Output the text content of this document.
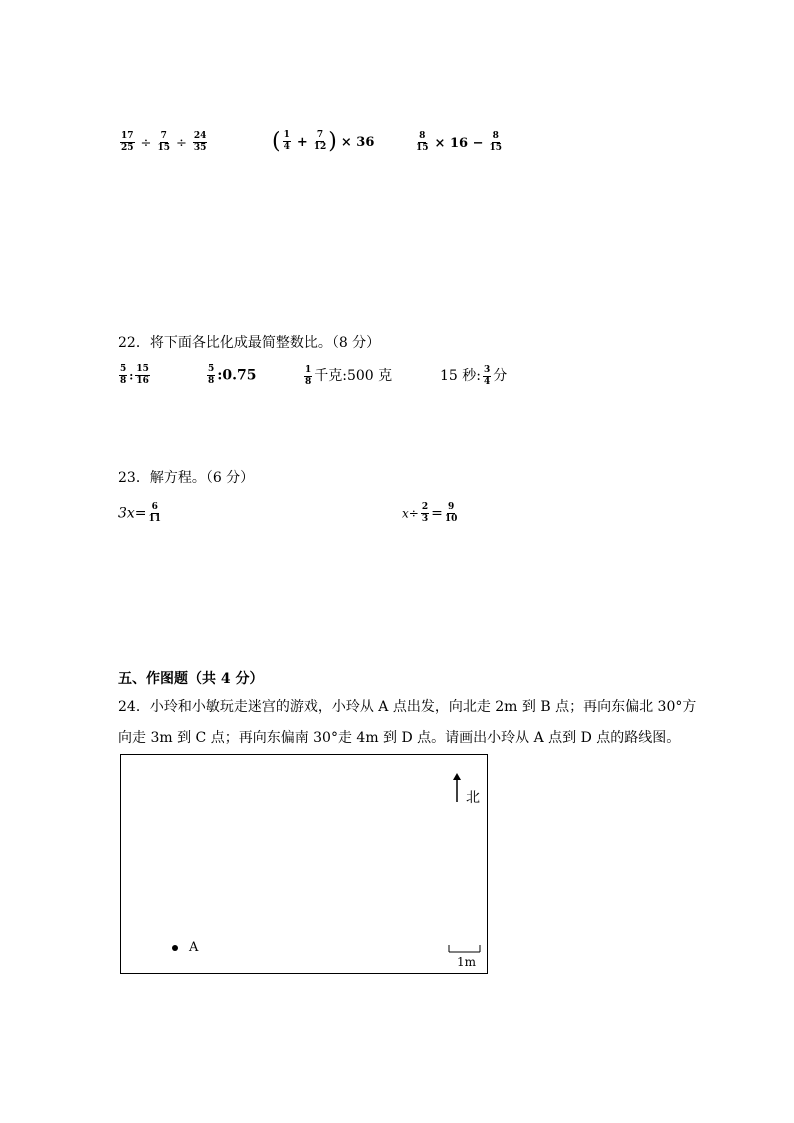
$\frac{17}{25} \div \frac{7}{15} \div \frac{24}{35}$	( $\frac{1}{4} + \frac{7}{12}$ ) × 36	$\frac{8}{15} \times 16 - \frac{8}{15}$
22．将下面各比化成最简整数比。（8 分）
$\frac{5}{8}$ : $\frac{15}{16}$	$\frac{5}{8}$ :0.75	$\frac{1}{8}$ 千克:500 克	15 秒: $\frac{3}{4}$ 分
23．解方程。（6 分）
$3x= \frac{6}{11}$	$x\div \frac{2}{3} = \frac{9}{10}$
五、作图题（共 4 分）
24．小玲和小敏玩走迷宫的游戏，小玲从 A 点出发，向北走 2m 到 B 点；再向东偏北 30°方
向走 3m 到 C 点；再向东偏南 30°走 4m 到 D 点。请画出小玲从 A 点到 D 点的路线图。
北
A
1m
